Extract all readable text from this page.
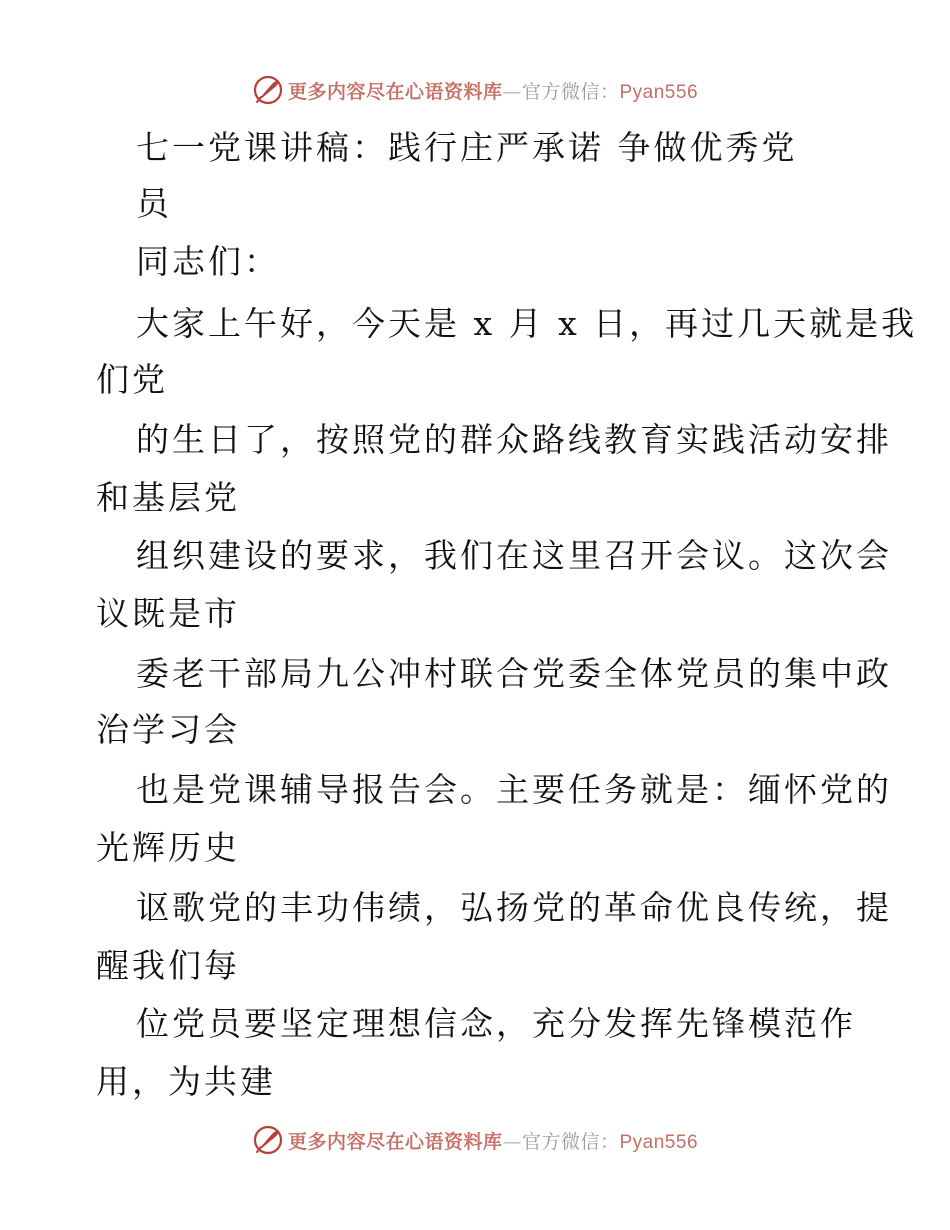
更多内容尽在心语资料库—官方微信：Pyan556
七一党课讲稿：践行庄严承诺 争做优秀党
员
同志们：
大家上午好，今天是 x 月 x 日，再过几天就是我
们党
的生日了，按照党的群众路线教育实践活动安排
和基层党
组织建设的要求，我们在这里召开会议。这次会
议既是市
委老干部局九公冲村联合党委全体党员的集中政
治学习会
也是党课辅导报告会。主要任务就是：缅怀党的
光辉历史
讴歌党的丰功伟绩，弘扬党的革命优良传统，提
醒我们每
位党员要坚定理想信念，充分发挥先锋模范作
用，为共建
更多内容尽在心语资料库—官方微信：Pyan556
